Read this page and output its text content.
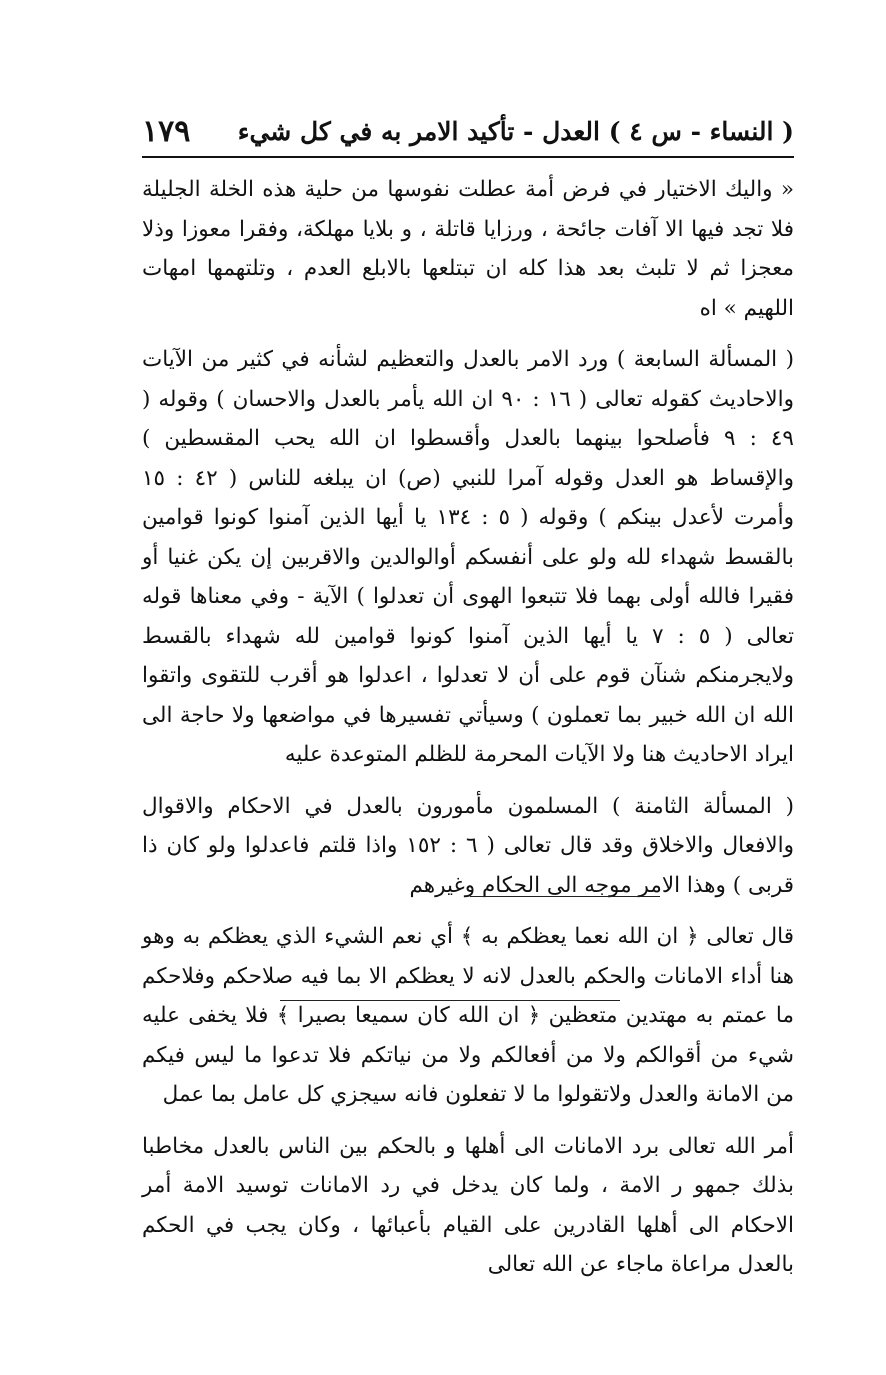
( النساء - س ٤ ) العدل - تأكيد الامر به في كل شيء
١٧٩

« واليك الاختيار في فرض أمة عطلت نفوسها من حلية هذه الخلة الجليلة فلا تجد فيها الا آفات جائحة ، ورزايا قاتلة ، و بلايا مهلكة، وفقرا معوزا وذلا معجزا ثم لا تلبث بعد هذا كله ان تبتلعها بالابلع العدم ، وتلتهمها امهات اللهيم » اه

( المسألة السابعة ) ورد الامر بالعدل والتعظيم لشأنه في كثير من الآيات والاحاديث كقوله تعالى ( ١٦ : ٩٠ ان الله يأمر بالعدل والاحسان ) وقوله ( ٤٩ : ٩ فأصلحوا بينهما بالعدل وأقسطوا ان الله يحب المقسطين ) والإقساط هو العدل وقوله آمرا للنبي (ص) ان يبلغه للناس ( ٤٢ : ١٥ وأمرت لأعدل بينكم ) وقوله ( ٥ : ١٣٤ يا أيها الذين آمنوا كونوا قوامين بالقسط شهداء لله ولو على أنفسكم أوالوالدين والاقربين إن يكن غنيا أو فقيرا فالله أولى بهما فلا تتبعوا الهوى أن تعدلوا ) الآية - وفي معناها قوله تعالى ( ٥ : ٧ يا أيها الذين آمنوا كونوا قوامين لله شهداء بالقسط ولايجرمنكم شنآن قوم على أن لا تعدلوا ، اعدلوا هو أقرب للتقوى واتقوا الله ان الله خبير بما تعملون ) وسيأتي تفسيرها في مواضعها ولا حاجة الى ايراد الاحاديث هنا ولا الآيات المحرمة للظلم المتوعدة عليه

( المسألة الثامنة ) المسلمون مأمورون بالعدل في الاحكام والاقوال والافعال والاخلاق وقد قال تعالى ( ٦ : ١٥٢ واذا قلتم فاعدلوا ولو كان ذا قربى ) وهذا الامر موجه الى الحكام وغيرهم

قال تعالى ﴿ ان الله نعما يعظكم به ﴾ أي نعم الشيء الذي يعظكم به وهو هنا أداء الامانات والحكم بالعدل لانه لا يعظكم الا بما فيه صلاحكم وفلاحكم ما عمتم به مهتدين متعظين ﴿ ان الله كان سميعا بصيرا ﴾ فلا يخفى عليه شيء من أقوالكم ولا من أفعالكم ولا من نياتكم فلا تدعوا ما ليس فيكم من الامانة والعدل ولاتقولوا ما لا تفعلون فانه سيجزي كل عامل بما عمل

أمر الله تعالى برد الامانات الى أهلها و بالحكم بين الناس بالعدل مخاطبا بذلك جمهو ر الامة ، ولما كان يدخل في رد الامانات توسيد الامة أمر الاحكام الى أهلها القادرين على القيام بأعبائها ، وكان يجب في الحكم بالعدل مراعاة ماجاء عن الله تعالى
